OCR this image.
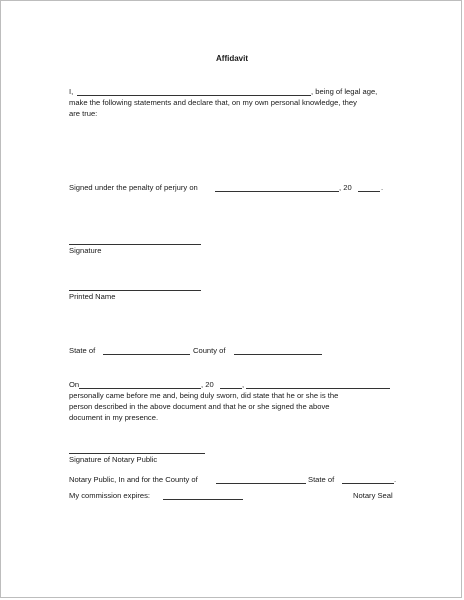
Affidavit
I,	, being of legal age,
make the following statements and declare that, on my own personal knowledge, they
are true:
Signed under the penalty of perjury on	, 20	.
Signature
Printed Name
State of	County of
On	, 20	,
personally came before me and, being duly sworn, did state that he or she is the
person described in the above document and that he or she signed the above
document in my presence.
Signature of Notary Public
Notary Public, In and for the County of	State of	.
My commission expires:	Notary Seal
